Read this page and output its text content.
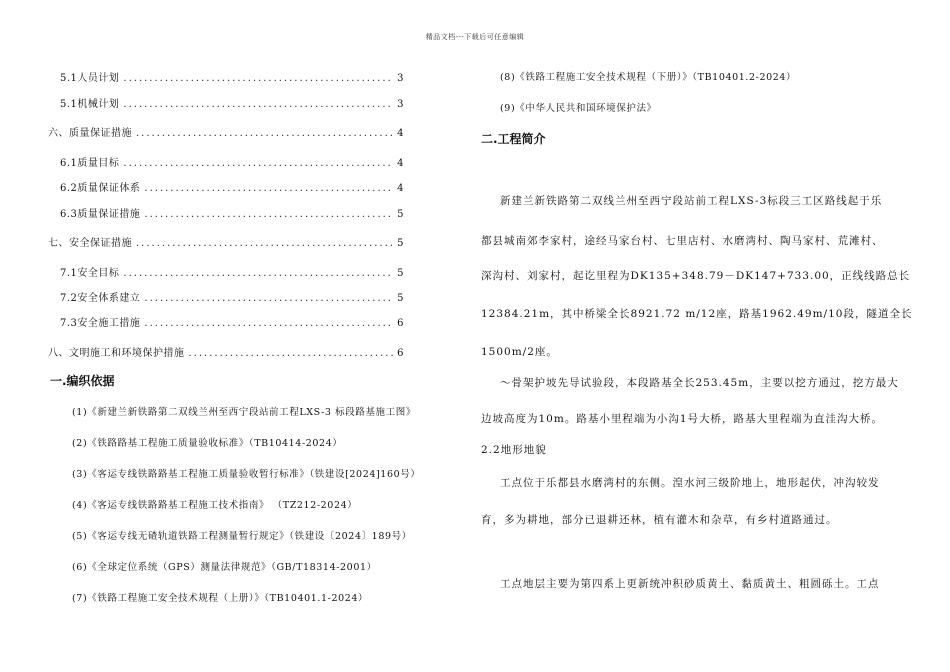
精品文档---下载后可任意编辑
5.1人员计划 .....	3
5.1机械计划 .....	3
六、质量保证措施 .....	4
6.1质量目标 .....	4
6.2质量保证体系 .....	4
6.3质量保证措施 .....	5
七、安全保证措施 .....	5
7.1安全目标 .....	5
7.2安全体系建立 .....	5
7.3安全施工措施 .....	6
八、文明施工和环境保护措施 .....	6
一.编织依据
(1)《新建兰新铁路第二双线兰州至西宁段站前工程LXS-3 标段路基施工图》
(2)《铁路路基工程施工质量验收标准》（TB10414-2024）
(3)《客运专线铁路路基工程施工质量验收暂行标准》（铁建设[2024]160号）
(4)《客运专线铁路路基工程施工技术指南》 （TZ212-2024）
(5)《客运专线无碴轨道铁路工程测量暂行规定》（铁建设〔2024〕189号）
(6)《全球定位系统（GPS）测量法律规范》（GB/T18314-2001）
(7)《铁路工程施工安全技术规程（上册）》（TB10401.1-2024）
(8)《铁路工程施工安全技术规程（下册）》（TB10401.2-2024）
(9)《中华人民共和国环境保护法》
二.工程简介
新建兰新铁路第二双线兰州至西宁段站前工程LXS-3标段三工区路线起于乐
都县城南郊李家村，途经马家台村、七里店村、水磨湾村、陶马家村、荒滩村、
深沟村、刘家村，起讫里程为DK135+348.79－DK147+733.00，正线线路总长
12384.21m，其中桥梁全长8921.72 m/12座，路基1962.49m/10段，隧道全长
1500m/2座。
～骨架护坡先导试验段，本段路基全长253.45m，主要以挖方通过，挖方最大
边坡高度为10m。路基小里程端为小沟1号大桥，路基大里程端为直洼沟大桥。
2.2地形地貌
工点位于乐都县水磨湾村的东侧。湟水河三级阶地上，地形起伏，冲沟较发
育，多为耕地，部分已退耕还林，植有灌木和杂草，有乡村道路通过。
工点地层主要为第四系上更新统冲积砂质黄土、黏质黄土、粗圆砾土。工点
